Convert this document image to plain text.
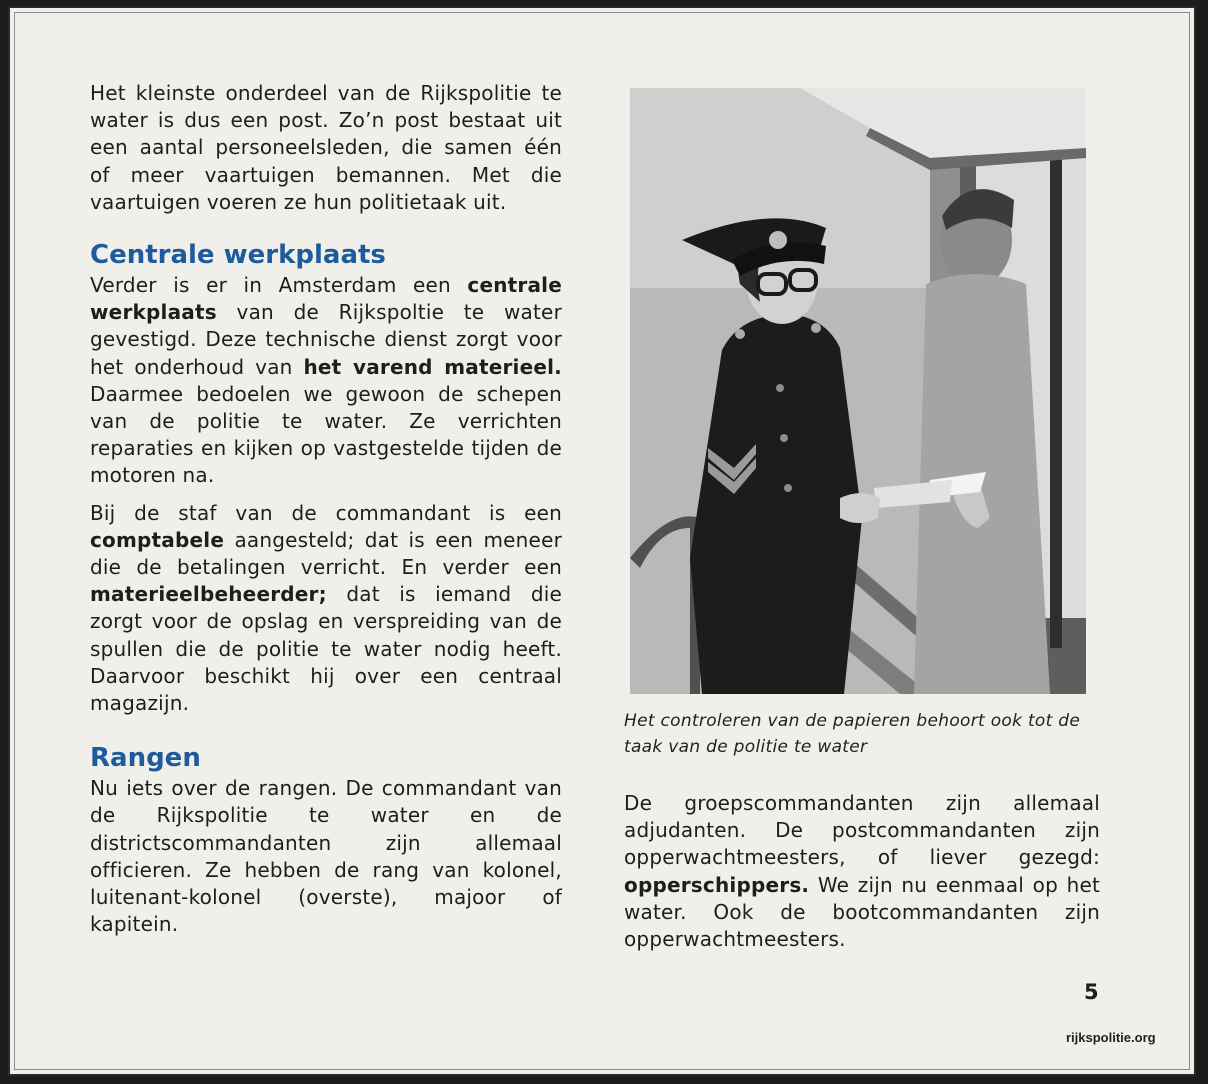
Het kleinste onderdeel van de Rijkspolitie te water is dus een post. Zo’n post bestaat uit een aantal personeelsleden, die samen één of meer vaartuigen bemannen. Met die vaartuigen voeren ze hun politietaak uit.

Centrale werkplaats

Verder is er in Amsterdam een centrale werkplaats van de Rijkspoltie te water gevestigd. Deze technische dienst zorgt voor het onderhoud van het varend materieel. Daarmee bedoelen we gewoon de schepen van de politie te water. Ze verrichten reparaties en kijken op vastgestelde tijden de motoren na.

Bij de staf van de commandant is een comptabele aangesteld; dat is een meneer die de betalingen verricht. En verder een materieelbeheerder; dat is iemand die zorgt voor de opslag en verspreiding van de spullen die de politie te water nodig heeft. Daarvoor beschikt hij over een centraal magazijn.

Rangen

Nu iets over de rangen. De commandant van de Rijkspolitie te water en de districtscommandanten zijn allemaal officieren. Ze hebben de rang van kolonel, luitenant-kolonel (overste), majoor of kapitein.

Het controleren van de papieren behoort ook tot de taak van de politie te water

De groepscommandanten zijn allemaal adjudanten. De postcommandanten zijn opperwachtmeesters, of liever gezegd: opperschippers. We zijn nu eenmaal op het water. Ook de bootcommandanten zijn opperwachtmeesters.

5
rijkspolitie.org
